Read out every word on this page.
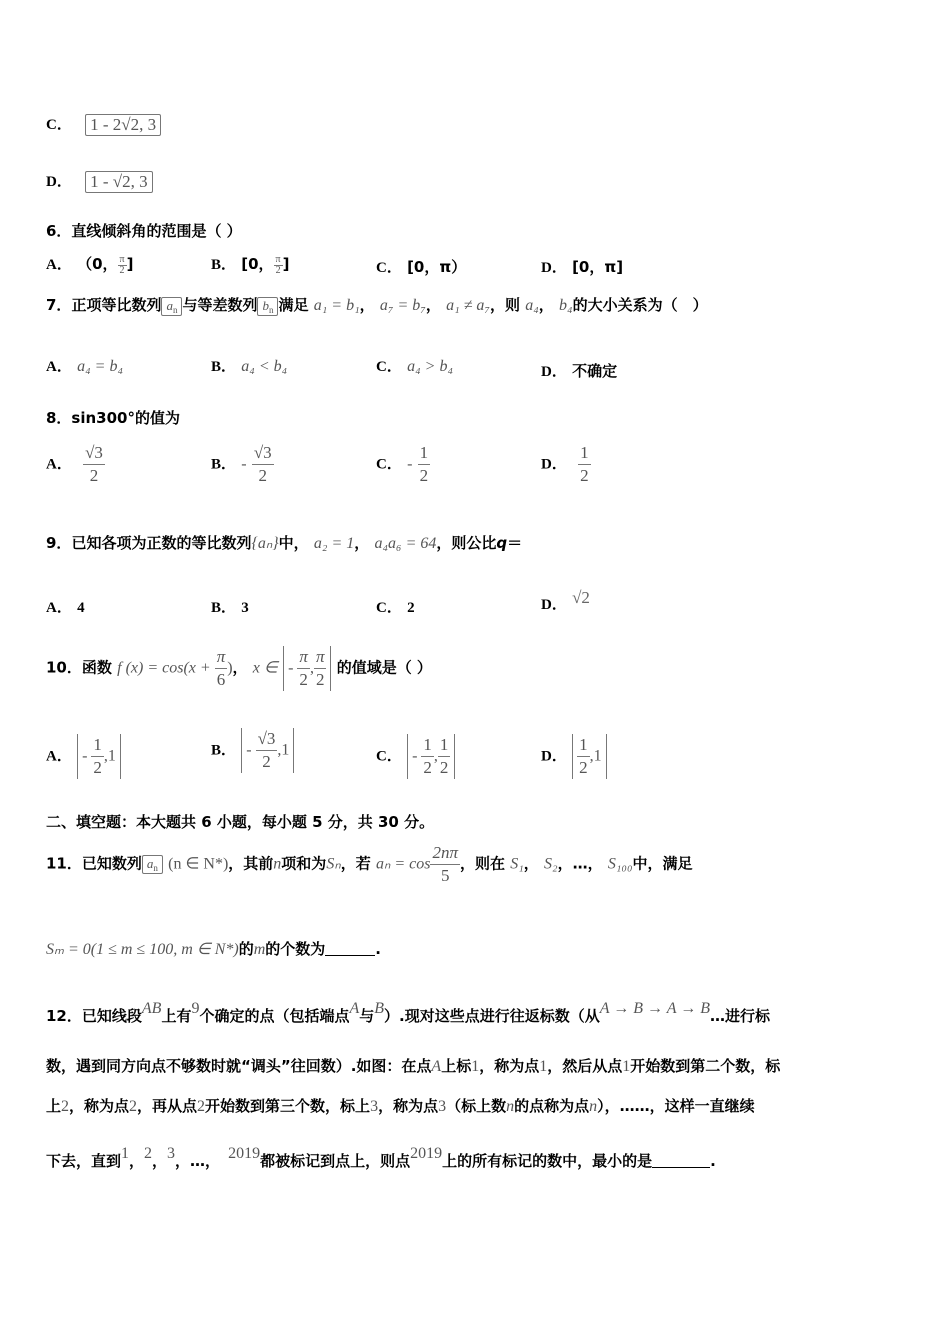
C． 1 - 2√2, 3
D． 1 - √2, 3
6．直线倾斜角的范围是（ ）
A． （0， $\frac{\pi}{2}$ ]	B． [0， $\frac{\pi}{2}$ ]	C． [0，π）	D． [0，π]
7．正项等比数列 $a_n$ 与等差数列 $b_n$ 满足 a₁ = b₁， a₇ = b₇， a₁ ≠ a₇，则 a₄， b₄的大小关系为（　）
A． a₄ = b₄	B． a₄ < b₄	C． a₄ > b₄	D． 不确定
8．sin300°的值为
A． $\frac{√3}{2}$	B． - $\frac{√3}{2}$	C． - $\frac{1}{2}$	D． $\frac{1}{2}$
9．已知各项为正数的等比数列{aₙ}中， a₂ = 1， a₄a₆ = 64，则公比q＝
A． 4	B． 3	C． 2	D． √2
10．函数 f $(x) = \cos(x + \frac{\pi}{6}$ )， x ∈ - $\frac{\pi}{2}$ , $\frac{\pi}{2}$ 的值域是（ ）
A． - $\frac{1}{2} ,1$	B． - $\frac{√3}{2} ,1$	C． - $\frac{1}{2}$ , $\frac{1}{2}$	D． $\frac{1}{2} ,1$
二、填空题：本大题共 6 小题，每小题 5 分，共 30 分。
11．已知数列 $a_n$ (n ∈ N*)，其前n项和为Sₙ，若 $a_n = \cos \frac{2n\pi}{5}$ ，则在 S₁， S₂，…， S₁₀₀中，满足
Sₘ = 0(1 ≤ m ≤ 100, m ∈ N*)的m的个数为	.
12．已知线段AB上有9个确定的点（包括端点A与B）.现对这些点进行往返标数（从A → B → A → B…进行标
数，遇到同方向点不够数时就“调头”往回数）.如图：在点A上标1，称为点1，然后从点1开始数到第二个数，标
上2，称为点2，再从点2开始数到第三个数，标上3，称为点3（标上数n的点称为点n），……，这样一直继续
下去，直到1，2，3，…， 2019都被标记到点上，则点2019上的所有标记的数中，最小的是	.
